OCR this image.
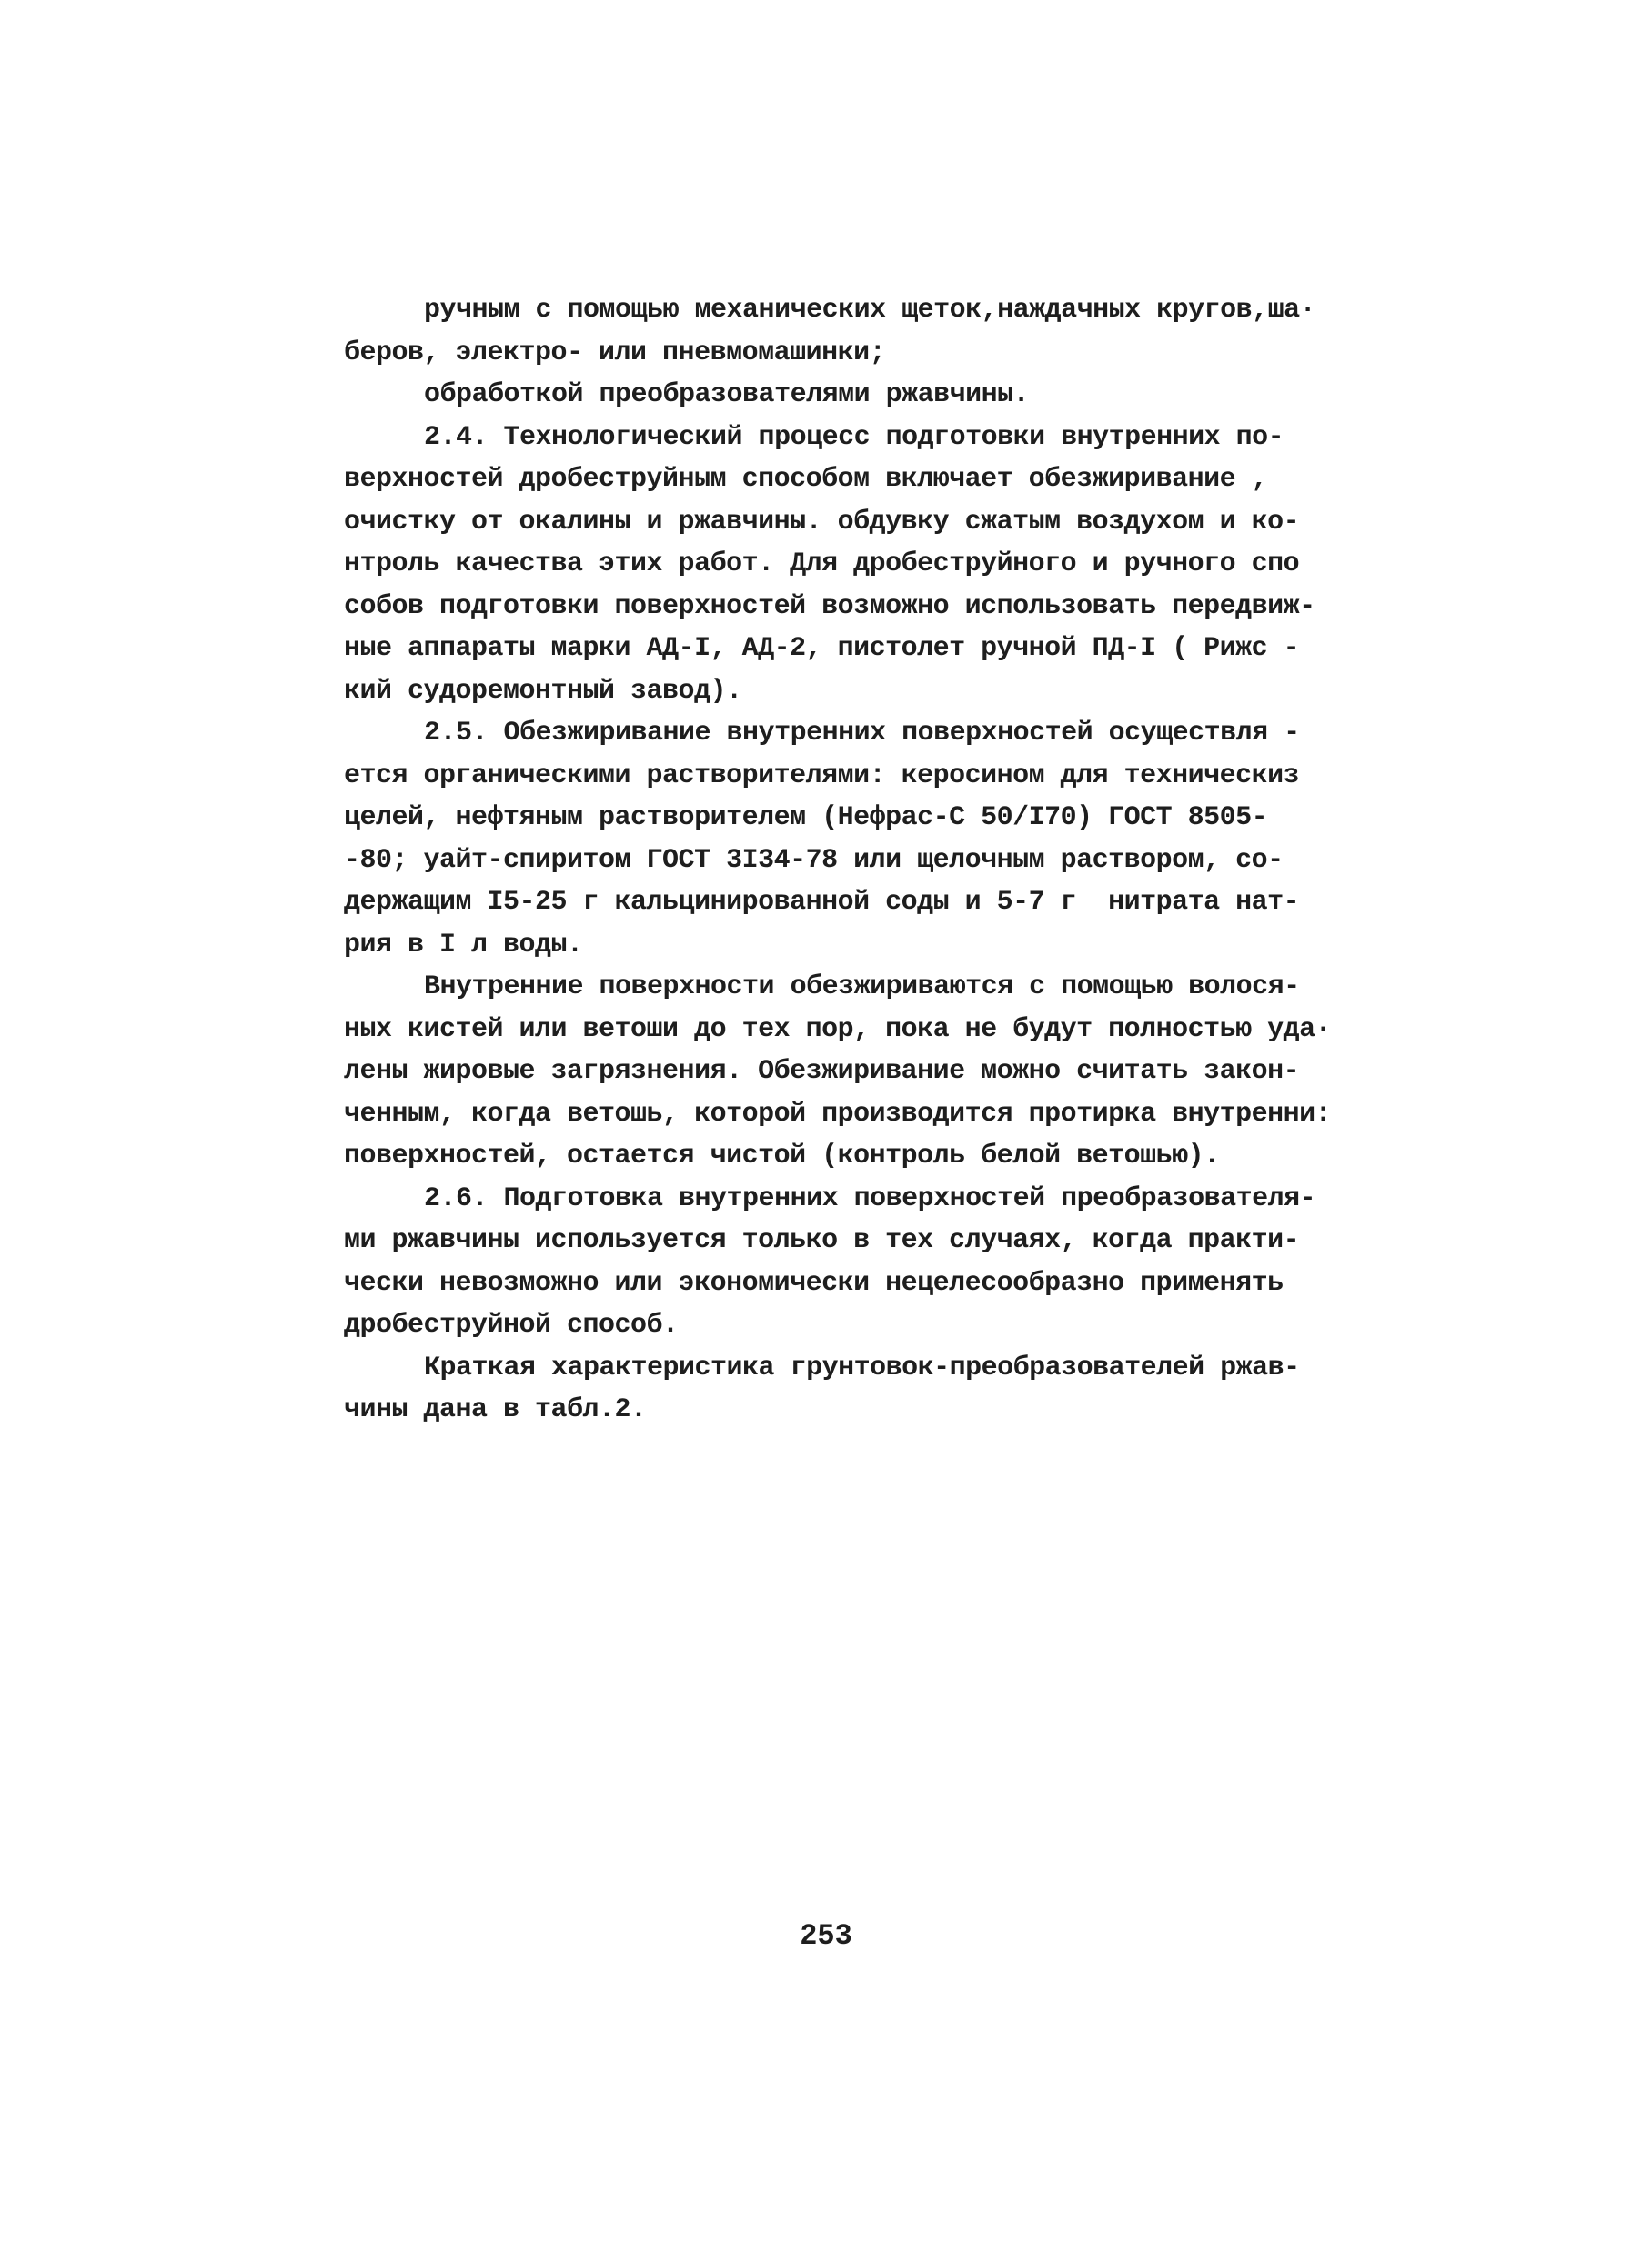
ручным с помощью механических щеток,наждачных кругов,ша·
беров, электро- или пневмомашинки;
обработкой преобразователями ржавчины.
2.4. Технологический процесс подготовки внутренних по-
верхностей дробеструйным способом включает обезжиривание ,
очистку от окалины и ржавчины. обдувку сжатым воздухом и ко-
нтроль качества этих работ. Для дробеструйного и ручного спо
собов подготовки поверхностей возможно использовать передвиж-
ные аппараты марки АД-I, АД-2, пистолет ручной ПД-I ( Рижс -
кий судоремонтный завод).
2.5. Обезжиривание внутренних поверхностей осуществля -
ется органическими растворителями: керосином для техническиз
целей, нефтяным растворителем (Нефрас-С 50/I70) ГОСТ 8505-
-80; уайт-спиритом ГОСТ 3I34-78 или щелочным раствором, со-
держащим I5-25 г кальцинированной соды и 5-7 г  нитрата нат-
рия в I л воды.
Внутренние поверхности обезжириваются с помощью волося-
ных кистей или ветоши до тех пор, пока не будут полностью уда·
лены жировые загрязнения. Обезжиривание можно считать закон-
ченным, когда ветошь, которой производится протирка внутренни:
поверхностей, остается чистой (контроль белой ветошью).
2.6. Подготовка внутренних поверхностей преобразователя-
ми ржавчины используется только в тех случаях, когда практи-
чески невозможно или экономически нецелесообразно применять
дробеструйной способ.
Краткая характеристика грунтовок-преобразователей ржав-
чины дана в табл.2.
253
